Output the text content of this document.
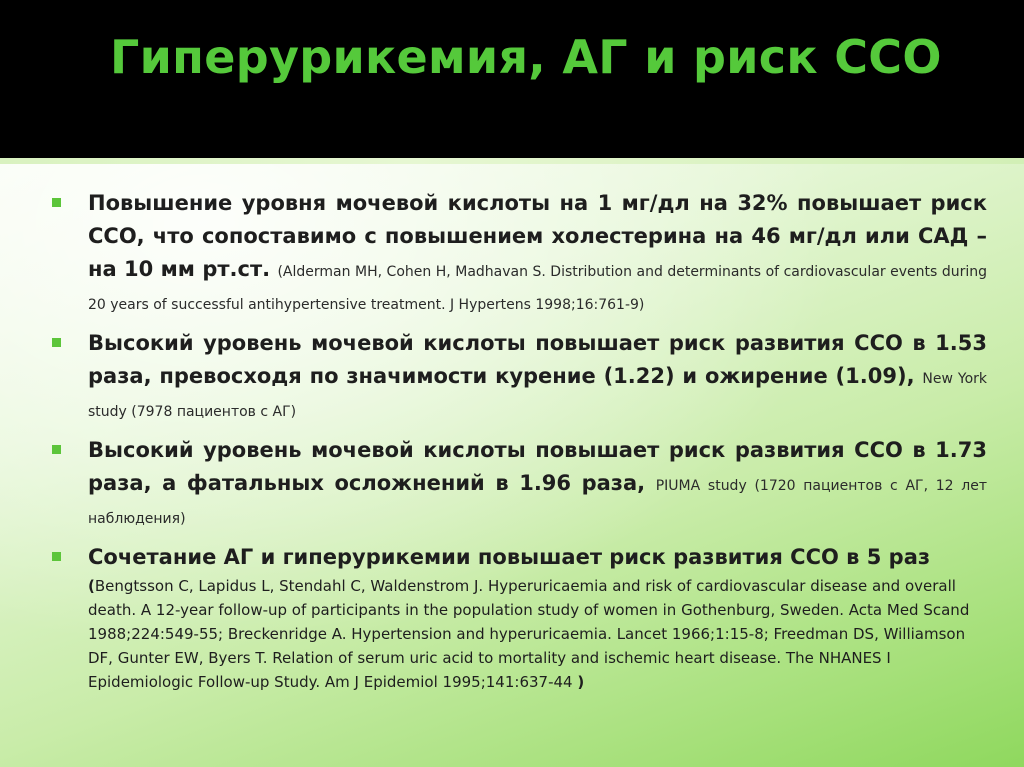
Гиперурикемия, АГ и риск ССО

Повышение уровня мочевой кислоты на 1 мг/дл на 32% повышает риск ССО, что сопоставимо с повышением холестерина на 46 мг/дл или САД – на 10 мм рт.ст. (Alderman MH, Cohen H, Madhavan S. Distribution and determinants of cardiovascular events during 20 years of successful antihypertensive treatment. J Hypertens 1998;16:761-9)

Высокий уровень мочевой кислоты повышает риск развития ССО в 1.53 раза, превосходя по значимости курение (1.22) и ожирение (1.09), New York study (7978 пациентов с АГ)

Высокий уровень мочевой кислоты повышает риск развития ССО в 1.73 раза, а фатальных осложнений в 1.96 раза, PIUMA study (1720 пациентов с АГ, 12 лет наблюдения)

Сочетание АГ и гиперурикемии повышает риск развития ССО в 5 раз

(Bengtsson C, Lapidus L, Stendahl C, Waldenstrom J. Hyperuricaemia and risk of cardiovascular disease and overall death. A 12-year follow-up of participants in the population study of women in Gothenburg, Sweden. Acta Med Scand 1988;224:549-55; Breckenridge A. Hypertension and hyperuricaemia. Lancet 1966;1:15-8; Freedman DS, Williamson DF, Gunter EW, Byers T. Relation of serum uric acid to mortality and ischemic heart disease. The NHANES I Epidemiologic Follow-up Study. Am J Epidemiol 1995;141:637-44 )
